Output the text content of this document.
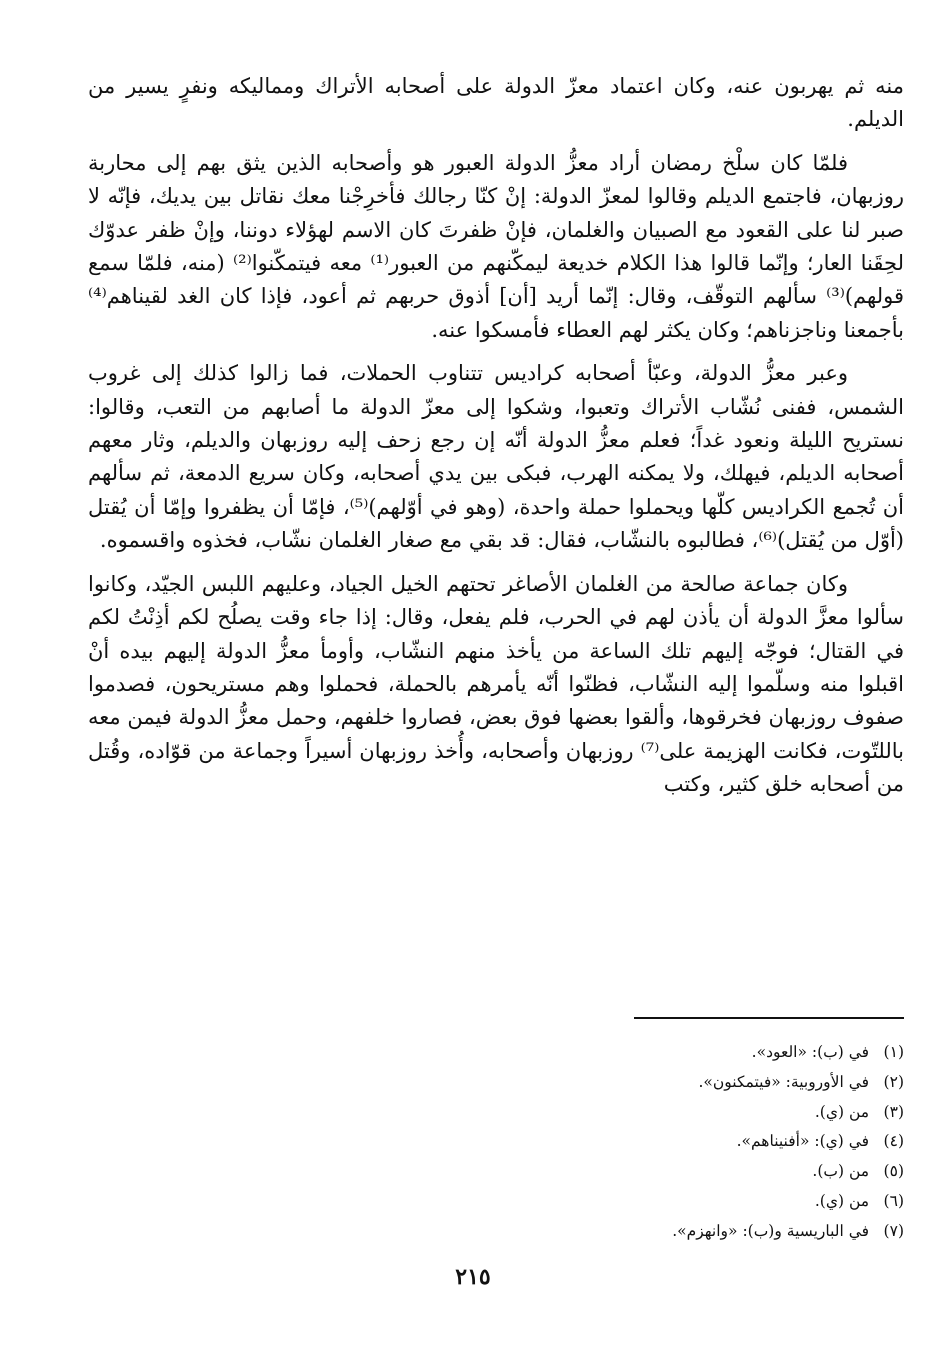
منه ثم يهربون عنه، وكان اعتماد معزّ الدولة على أصحابه الأتراك ومماليكه ونفرٍ يسير من الديلم.

فلمّا كان سلْخ رمضان أراد معزُّ الدولة العبور هو وأصحابه الذين يثق بهم إلى محاربة روزبهان، فاجتمع الديلم وقالوا لمعزّ الدولة: إنْ كنّا رجالك فأخرِجْنا معك نقاتل بين يديك، فإنّه لا صبر لنا على القعود مع الصبيان والغلمان، فإنْ ظفرتَ كان الاسم لهؤلاء دوننا، وإنْ ظفر عدوّك لحِقَنا العار؛ وإنّما قالوا هذا الكلام خديعة ليمكّنهم من العبور⁽¹⁾ معه فيتمكّنوا⁽²⁾ (منه، فلمّا سمع قولهم)⁽³⁾ سألهم التوقّف، وقال: إنّما أريد [أن] أذوق حربهم ثم أعود، فإذا كان الغد لقيناهم⁽⁴⁾ بأجمعنا وناجزناهم؛ وكان يكثر لهم العطاء فأمسكوا عنه.

وعبر معزُّ الدولة، وعبّأ أصحابه كراديس تتناوب الحملات، فما زالوا كذلك إلى غروب الشمس، ففنى نُشّاب الأتراك وتعبوا، وشكوا إلى معزّ الدولة ما أصابهم من التعب، وقالوا: نستريح الليلة ونعود غداً؛ فعلم معزُّ الدولة أنّه إن رجع زحف إليه روزبهان والديلم، وثار معهم أصحابه الديلم، فيهلك، ولا يمكنه الهرب، فبكى بين يدي أصحابه، وكان سريع الدمعة، ثم سألهم أن تُجمع الكراديس كلّها ويحملوا حملة واحدة، (وهو في أوّلهم)⁽⁵⁾، فإمّا أن يظفروا وإمّا أن يُقتل (أوّل من يُقتل)⁽⁶⁾، فطالبوه بالنشّاب، فقال: قد بقي مع صغار الغلمان نشّاب، فخذوه واقسموه.

وكان جماعة صالحة من الغلمان الأصاغر تحتهم الخيل الجياد، وعليهم اللبس الجيّد، وكانوا سألوا معزَّ الدولة أن يأذن لهم في الحرب، فلم يفعل، وقال: إذا جاء وقت يصلُح لكم أذِنْتُ لكم في القتال؛ فوجّه إليهم تلك الساعة من يأخذ منهم النشّاب، وأومأ معزُّ الدولة إليهم بيده أنْ اقبلوا منه وسلّموا إليه النشّاب، فظنّوا أنّه يأمرهم بالحملة، فحملوا وهم مستريحون، فصدموا صفوف روزبهان فخرقوها، وألقوا بعضها فوق بعض، فصاروا خلفهم، وحمل معزُّ الدولة فيمن معه باللتّوت، فكانت الهزيمة على⁽⁷⁾ روزبهان وأصحابه، وأُخذ روزبهان أسيراً وجماعة من قوّاده، وقُتل من أصحابه خلق كثير، وكتب

(١) في (ب): «العود».
(٢) في الأوروبية: «فيتمكنون».
(٣) من (ي).
(٤) في (ي): «أفنيناهم».
(٥) من (ب).
(٦) من (ي).
(٧) في الباريسية و(ب): «وانهزم».
٢١٥
